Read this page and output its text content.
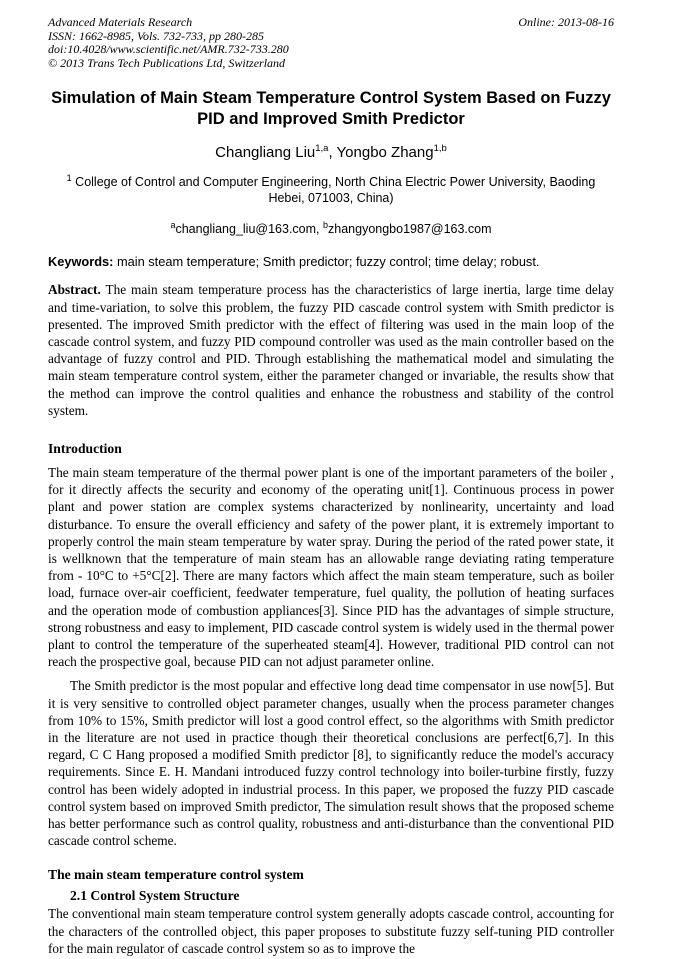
Advanced Materials Research
ISSN: 1662-8985, Vols. 732-733, pp 280-285
doi:10.4028/www.scientific.net/AMR.732-733.280
© 2013 Trans Tech Publications Ltd, Switzerland
Online: 2013-08-16
Simulation of Main Steam Temperature Control System Based on Fuzzy PID and Improved Smith Predictor
Changliang Liu$^{1,a}$, Yongbo Zhang$^{1,b}$
$^1$ College of Control and Computer Engineering, North China Electric Power University, Baoding Hebei, 071003, China)
$^a$changliang_liu@163.com, $^b$zhangyongbo1987@163.com
Keywords: main steam temperature; Smith predictor; fuzzy control; time delay; robust.

Abstract. The main steam temperature process has the characteristics of large inertia, large time delay and time-variation, to solve this problem, the fuzzy PID cascade control system with Smith predictor is presented. The improved Smith predictor with the effect of filtering was used in the main loop of the cascade control system, and fuzzy PID compound controller was used as the main controller based on the advantage of fuzzy control and PID. Through establishing the mathematical model and simulating the main steam temperature control system, either the parameter changed or invariable, the results show that the method can improve the control qualities and enhance the robustness and stability of the control system.

Introduction

The main steam temperature of the thermal power plant is one of the important parameters of the boiler , for it directly affects the security and economy of the operating unit[1]. Continuous process in power plant and power station are complex systems characterized by nonlinearity, uncertainty and load disturbance. To ensure the overall efficiency and safety of the power plant, it is extremely important to properly control the main steam temperature by water spray. During the period of the rated power state, it is wellknown that the temperature of main steam has an allowable range deviating rating temperature from - 10°C to +5°C[2]. There are many factors which affect the main steam temperature, such as boiler load, furnace over-air coefficient, feedwater temperature, fuel quality, the pollution of heating surfaces and the operation mode of combustion appliances[3]. Since PID has the advantages of simple structure, strong robustness and easy to implement, PID cascade control system is widely used in the thermal power plant to control the temperature of the superheated steam[4]. However, traditional PID control can not reach the prospective goal, because PID can not adjust parameter online.

The Smith predictor is the most popular and effective long dead time compensator in use now[5]. But it is very sensitive to controlled object parameter changes, usually when the process parameter changes from 10% to 15%, Smith predictor will lost a good control effect, so the algorithms with Smith predictor in the literature are not used in practice though their theoretical conclusions are perfect[6,7]. In this regard, C C Hang proposed a modified Smith predictor [8], to significantly reduce the model's accuracy requirements. Since E. H. Mandani introduced fuzzy control technology into boiler-turbine firstly, fuzzy control has been widely adopted in industrial process. In this paper, we proposed the fuzzy PID cascade control system based on improved Smith predictor, The simulation result shows that the proposed scheme has better performance such as control quality, robustness and anti-disturbance than the conventional PID cascade control scheme.

The main steam temperature control system
2.1 Control System Structure

The conventional main steam temperature control system generally adopts cascade control, accounting for the characters of the controlled object, this paper proposes to substitute fuzzy self-tuning PID controller for the main regulator of cascade control system so as to improve the
